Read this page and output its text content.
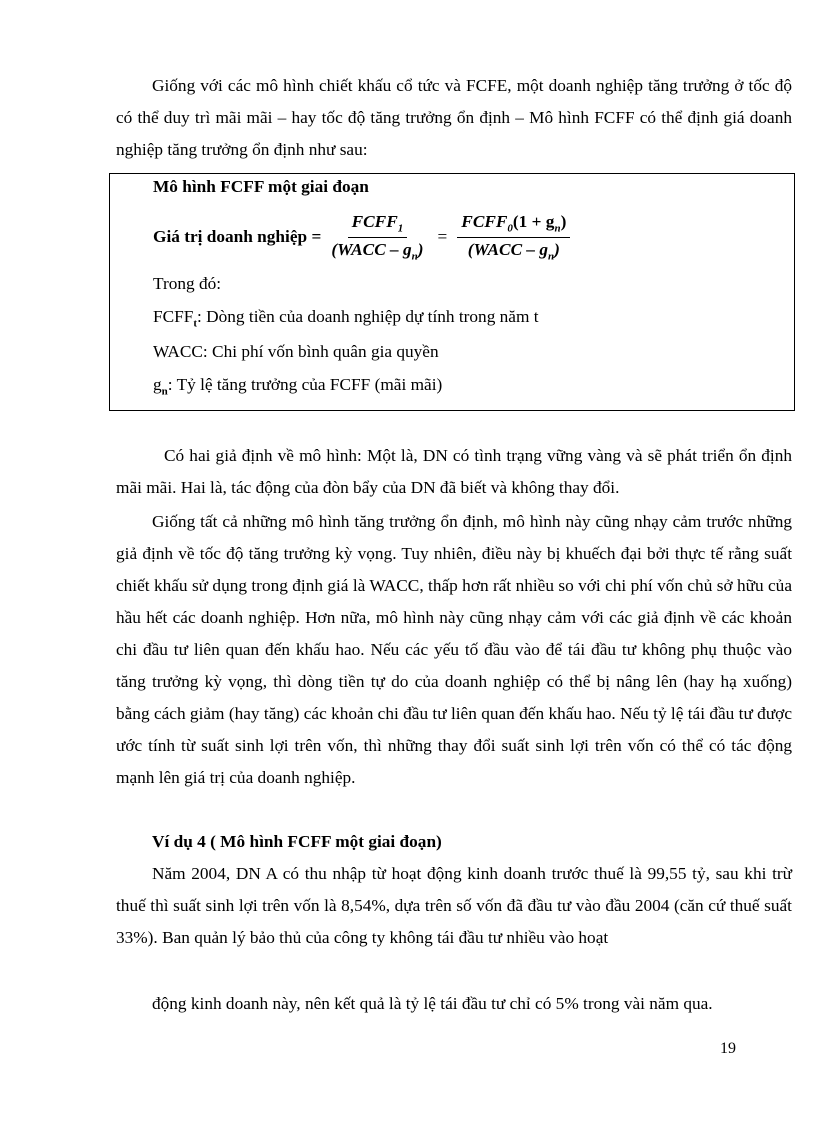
Giống với các mô hình chiết khấu cổ tức và FCFE, một doanh nghiệp tăng trưởng ở tốc độ có thể duy trì mãi mãi – hay tốc độ tăng trưởng ổn định – Mô hình FCFF có thể định giá doanh nghiệp tăng trưởng ổn định như sau:

Mô hình FCFF một giai đoạn
Giá trị doanh nghiệp = $\frac{FCFF_1}{(WACC - g_n)} = \frac{FCFF_0(1 + g_n)}{(WACC - g_n)}$
Trong đó:
$FCFF_t$: Dòng tiền của doanh nghiệp dự tính trong năm t
WACC: Chi phí vốn bình quân gia quyền
$g_n$: Tỷ lệ tăng trưởng của FCFF (mãi mãi)

Có hai giả định về mô hình: Một là, DN có tình trạng vững vàng và sẽ phát triển ổn định mãi mãi. Hai là, tác động của đòn bẩy của DN đã biết và không thay đổi.

Giống tất cả những mô hình tăng trưởng ổn định, mô hình này cũng nhạy cảm trước những giả định về tốc độ tăng trưởng kỳ vọng. Tuy nhiên, điều này bị khuếch đại bởi thực tế rằng suất chiết khấu sử dụng trong định giá là WACC, thấp hơn rất nhiều so với chi phí vốn chủ sở hữu của hầu hết các doanh nghiệp. Hơn nữa, mô hình này cũng nhạy cảm với các giả định về các khoản chi đầu tư liên quan đến khấu hao. Nếu các yếu tố đầu vào để tái đầu tư không phụ thuộc vào tăng trưởng kỳ vọng, thì dòng tiền tự do của doanh nghiệp có thể bị nâng lên (hay hạ xuống) bằng cách giảm (hay tăng) các khoản chi đầu tư liên quan đến khấu hao. Nếu tỷ lệ tái đầu tư được ước tính từ suất sinh lợi trên vốn, thì những thay đổi suất sinh lợi trên vốn có thể có tác động mạnh lên giá trị của doanh nghiệp.

Ví dụ 4 ( Mô hình FCFF một giai đoạn)

Năm 2004, DN A có thu nhập từ hoạt động kinh doanh trước thuế là 99,55 tỷ, sau khi trừ thuế thì suất sinh lợi trên vốn là 8,54%, dựa trên số vốn đã đầu tư vào đầu 2004 (căn cứ thuế suất 33%). Ban quản lý bảo thủ của công ty không tái đầu tư nhiều vào hoạt

động kinh doanh này, nên kết quả là tỷ lệ tái đầu tư chỉ có 5% trong vài năm qua.

19
